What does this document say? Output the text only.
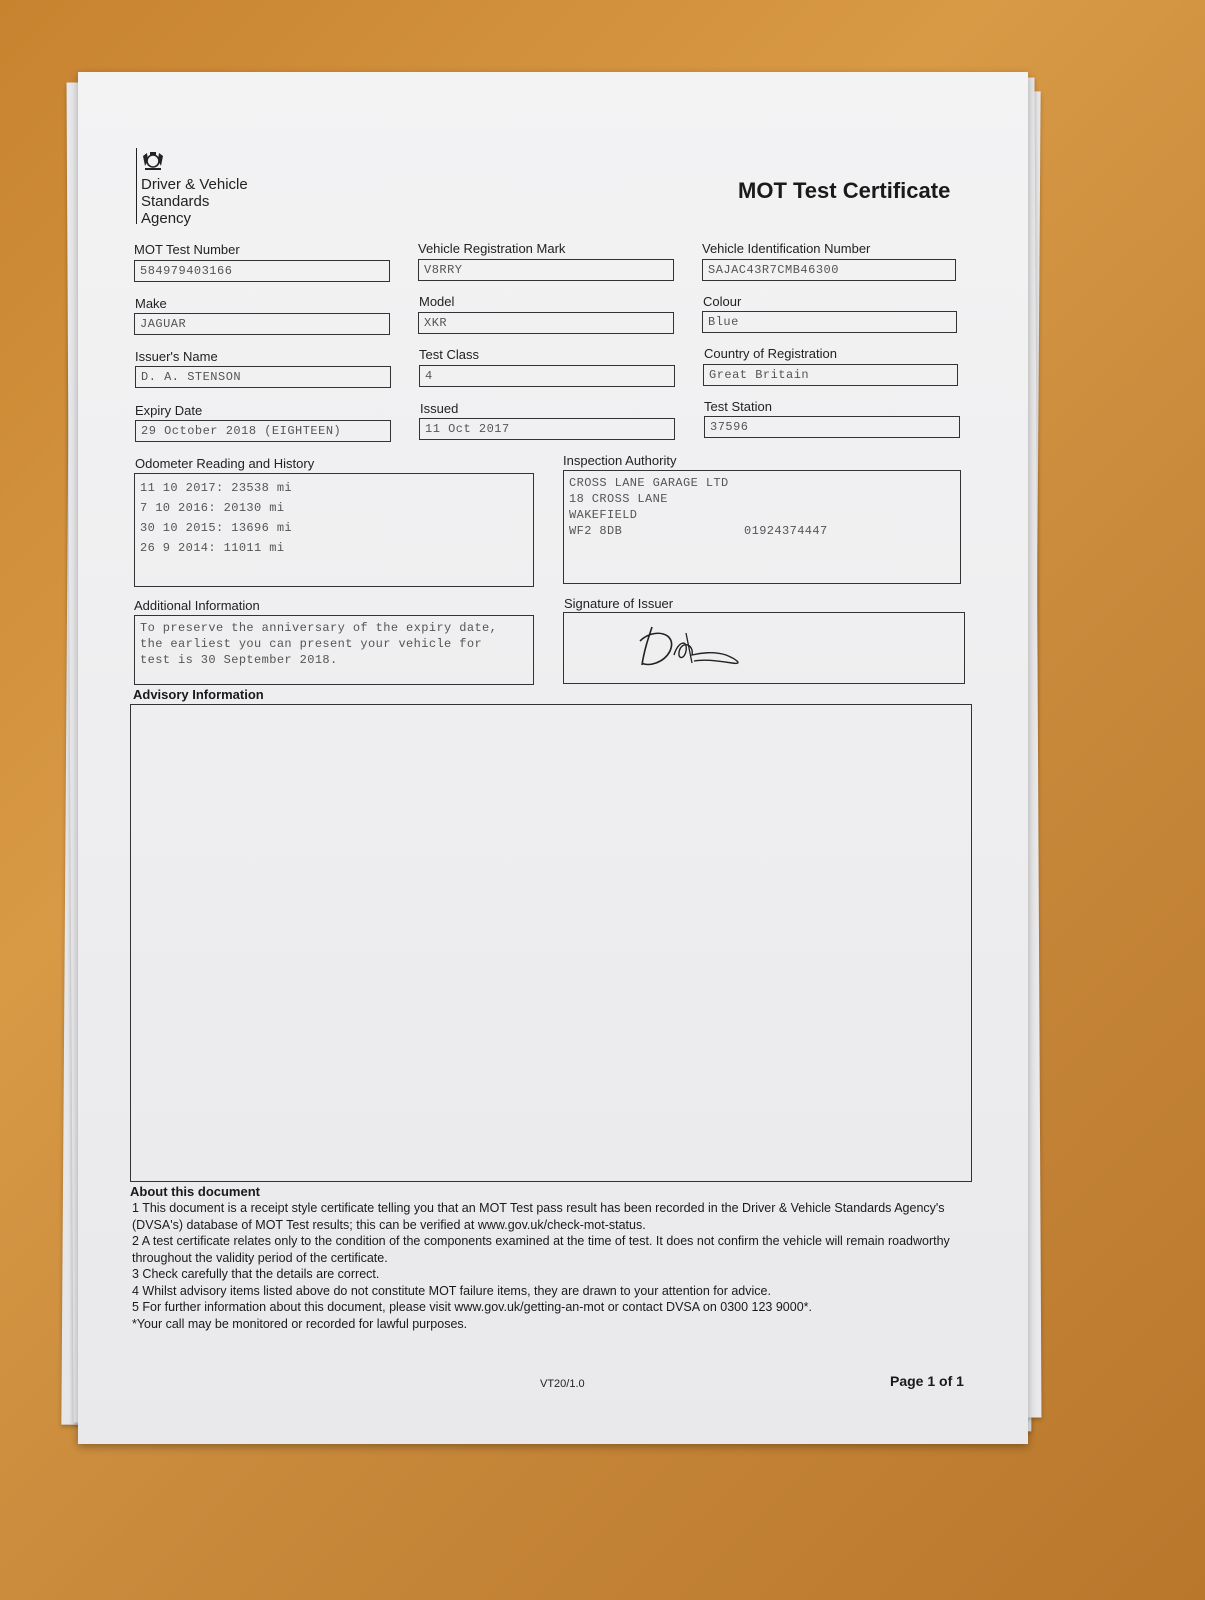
Driver & Vehicle
Standards
Agency
MOT Test Certificate
MOT Test Number
584979403166
Vehicle Registration Mark
V8RRY
Vehicle Identification Number
SAJAC43R7CMB46300
Make
JAGUAR
Model
XKR
Colour
Blue
Issuer's Name
D. A. STENSON
Test Class
4
Country of Registration
Great Britain
Expiry Date
29 October 2018 (EIGHTEEN)
Issued
11 Oct 2017
Test Station
37596
Odometer Reading and History
11 10 2017: 23538 mi
7 10 2016: 20130 mi
30 10 2015: 13696 mi
26 9 2014: 11011 mi
Inspection Authority
CROSS LANE GARAGE LTD
18 CROSS LANE
WAKEFIELD
WF2 8DB	01924374447
Additional Information
To preserve the anniversary of the expiry date,
the earliest you can present your vehicle for
test is 30 September 2018.
Signature of Issuer
Advisory Information
About this document
1 This document is a receipt style certificate telling you that an MOT Test pass result has been recorded in the Driver & Vehicle Standards Agency's (DVSA's) database of MOT Test results; this can be verified at www.gov.uk/check-mot-status.
2 A test certificate relates only to the condition of the components examined at the time of test. It does not confirm the vehicle will remain roadworthy throughout the validity period of the certificate.
3 Check carefully that the details are correct.
4 Whilst advisory items listed above do not constitute MOT failure items, they are drawn to your attention for advice.
5 For further information about this document, please visit www.gov.uk/getting-an-mot or contact DVSA on 0300 123 9000*.
*Your call may be monitored or recorded for lawful purposes.
VT20/1.0	Page 1 of 1
